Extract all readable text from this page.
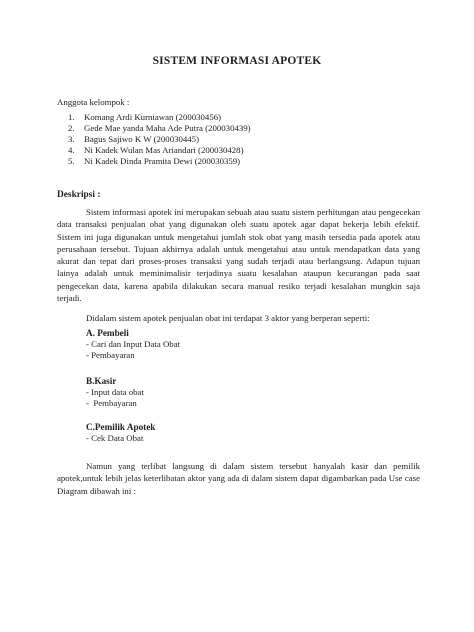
SISTEM INFORMASI APOTEK
Anggota kelompok :
1. Komang Ardi Kurniawan (200030456)
2. Gede Mae yanda Maha Ade Putra (200030439)
3. Bagus Sajiwo K W (200030445)
4. Ni Kadek Wulan Mas Ariandari (200030428)
5. Ni Kadek Dinda Pramita Dewi (200030359)
Deskripsi :
Sistem informasi apotek ini merupakan sebuah atau suatu sistem perhitungan atau pengecekan data transaksi penjualan obat yang digunakan oleh suatu apotek agar dapat bekerja lebih efektif. Sistem ini juga digunakan untuk mengetahui jumlah stok obat yang masih tersedia pada apotek atau perusahaan tersebut. Tujuan akhirnya adalah untuk mengetahui atau untuk mendapatkan data yang akurat dan tepat dari proses-proses transaksi yang sudah terjadi atau berlangsung. Adapun tujuan lainya adalah untuk meminimalisir terjadinya suatu kesalahan ataupun kecurangan pada saat pengecekan data, karena apabila dilakukan secara manual resiko terjadi kesalahan mungkin saja terjadi.
Didalam sistem apotek penjualan obat ini terdapat 3 aktor yang berperan seperti:
A. Pembeli
- Cari dan Input Data Obat
- Pembayaran
B.Kasir
- Input data obat
-  Pembayaran
C.Pemilik Apotek
- Cek Data Obat
Namun yang terlibat langsung di dalam sistem tersebut hanyalah kasir dan pemilik apotek,untuk lebih jelas keterlibatan aktor yang ada di dalam sistem dapat digambarkan pada Use case Diagram dibawah ini :
